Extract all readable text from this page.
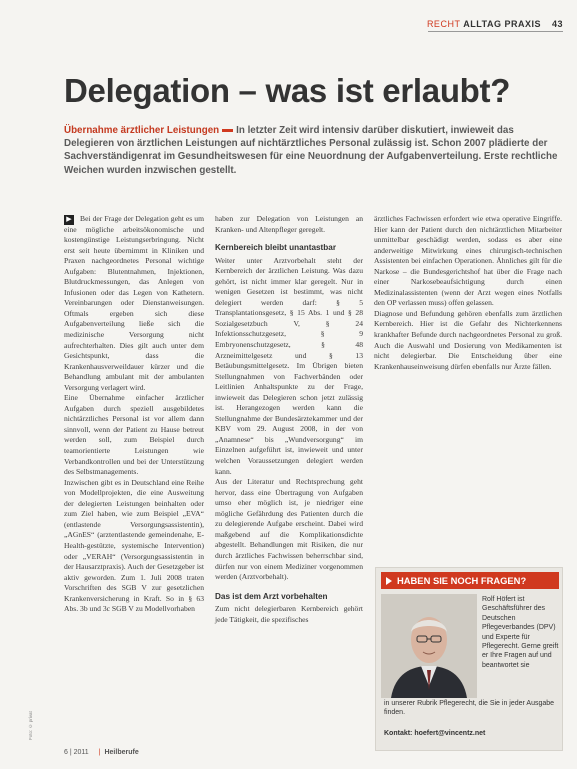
RECHT ALLTAG PRAXIS 43
Delegation – was ist erlaubt?
Übernahme ärztlicher Leistungen In letzter Zeit wird intensiv darüber diskutiert, inwieweit das Delegieren von ärztlichen Leistungen auf nichtärztliches Personal zulässig ist. Schon 2007 plädierte der Sachverständigenrat im Gesundheitswesen für eine Neuordnung der Aufgabenverteilung. Erste rechtliche Weichen wurden inzwischen gestellt.
▶	Bei der Frage der Delegation geht es um eine mögliche arbeitsökonomische und kostengünstige Leistungserbringung. Nicht erst seit heute übernimmt in Kliniken und Praxen nachgeordnetes Personal wichtige Aufgaben: Blutentnahmen, Injektionen, Blutdruckmessungen, das Anlegen von Infusionen oder das Legen von Kathetern. Vereinbarungen oder Dienstanweisungen. Oftmals ergeben sich diese Aufgabenverteilung ließe sich die medizinische Versorgung nicht aufrechterhalten. Dies gilt auch unter dem Gesichtspunkt, dass die Krankenhausverweildauer kürzer und die Behandlung ambulant mit der ambulanten Versorgung verlagert wird.

Eine Übernahme einfacher ärztlicher Aufgaben durch speziell ausgebildetes nichtärztliches Personal ist vor allem dann sinnvoll, wenn der Patient zu Hause betreut werden soll, zum Beispiel durch teamorientierte Leistungen wie Verbandkontrollen und bei der Unterstützung des Selbstmanagements.

Inzwischen gibt es in Deutschland eine Reihe von Modellprojekten, die eine Ausweitung der delegierten Leistungen beinhalten oder zum Ziel haben, wie zum Beispiel „EVA“ (entlastende Versorgungsassistentin), „AGnES“ (arztentlastende gemeindenahe, E-Health-gestützte, systemische Intervention) oder „VERAH“ (Versorgungsassistentin in der Hausarztpraxis). Auch der Gesetzgeber ist aktiv geworden. Zum 1. Juli 2008 traten Vorschriften des SGB V zur gesetzlichen Krankenversicherung in Kraft. So in § 63 Abs. 3b und 3c SGB V zu Modellvorhaben

haben zur Delegation von Leistungen an Kranken- und Altenpfleger geregelt.

Kernbereich bleibt unantastbar

Weiter unter Arztvorbehalt steht der Kernbereich der ärztlichen Leistung. Was dazu gehört, ist nicht immer klar geregelt. Nur in wenigen Gesetzen ist bestimmt, was nicht delegiert werden darf: § 5 Transplantationsgesetz, § 15 Abs. 1 und § 28 Sozialgesetzbuch V, § 24 Infektionsschutzgesetz, § 9 Embryonenschutzgesetz, § 48 Arzneimittelgesetz und § 13 Betäubungsmittelgesetz. Im Übrigen bieten Stellungnahmen von Fachverbänden oder Leitlinien Anhaltspunkte zu der Frage, inwieweit das Delegieren schon jetzt zulässig ist. Herangezogen werden kann die Stellungnahme der Bundesärztekammer und der KBV vom 29. August 2008, in der von „Anamnese“ bis „Wundversorgung“ im Einzelnen aufgeführt ist, inwieweit und unter welchen Voraussetzungen delegiert werden kann.

Aus der Literatur und Rechtsprechung geht hervor, dass eine Übertragung von Aufgaben umso eher möglich ist, je niedriger eine mögliche Gefährdung des Patienten durch die zu delegierende Aufgabe erscheint. Dabei wird maßgebend auf die Komplikationsdichte abgestellt. Behandlungen mit Risiken, die nur durch ärztliches Fachwissen beherrschbar sind, dürfen nur von einem Mediziner vorgenommen werden (Arztvorbehalt).

Das ist dem Arzt vorbehalten

Zum nicht delegierbaren Kernbereich gehört jede Tätigkeit, die spezifisches

ärztliches Fachwissen erfordert wie etwa operative Eingriffe. Hier kann der Patient durch den nichtärztlichen Mitarbeiter unmittelbar geschädigt werden, sodass es aber eine anderweitige Mitwirkung eines chirurgisch-technischen Assistenten bei einfachen Operationen. Ähnliches gilt für die Narkose – die Bundesgerichtshof hat über die Frage nach einer Narkosebeaufsichtigung durch einen Medizinalassistenten (wenn der Arzt wegen eines Notfalls den OP verlassen muss) offen gelassen.

Diagnose und Befundung gehören ebenfalls zum ärztlichen Kernbereich. Hier ist die Gefahr des Nichterkennens krankhafter Befunde durch nachgeordnetes Personal zu groß. Auch die Auswahl und Dosierung von Medikamenten ist nicht delegierbar. Die Entscheidung über eine Krankenhauseinweisung dürfen ebenfalls nur Ärzte fällen.

HABEN SIE NOCH FRAGEN?
Rolf Höfert ist Geschäftsführer des Deutschen Pflegeverbandes (DPV) und Experte für Pflegerecht. Gerne greift er Ihre Fragen auf und beantwortet sie
in unserer Rubrik Pflegerecht, die Sie in jeder Ausgabe finden.
Kontakt: hoefert@vincentz.net
Foto: © privat
6 | 2011 | Heilberufe
